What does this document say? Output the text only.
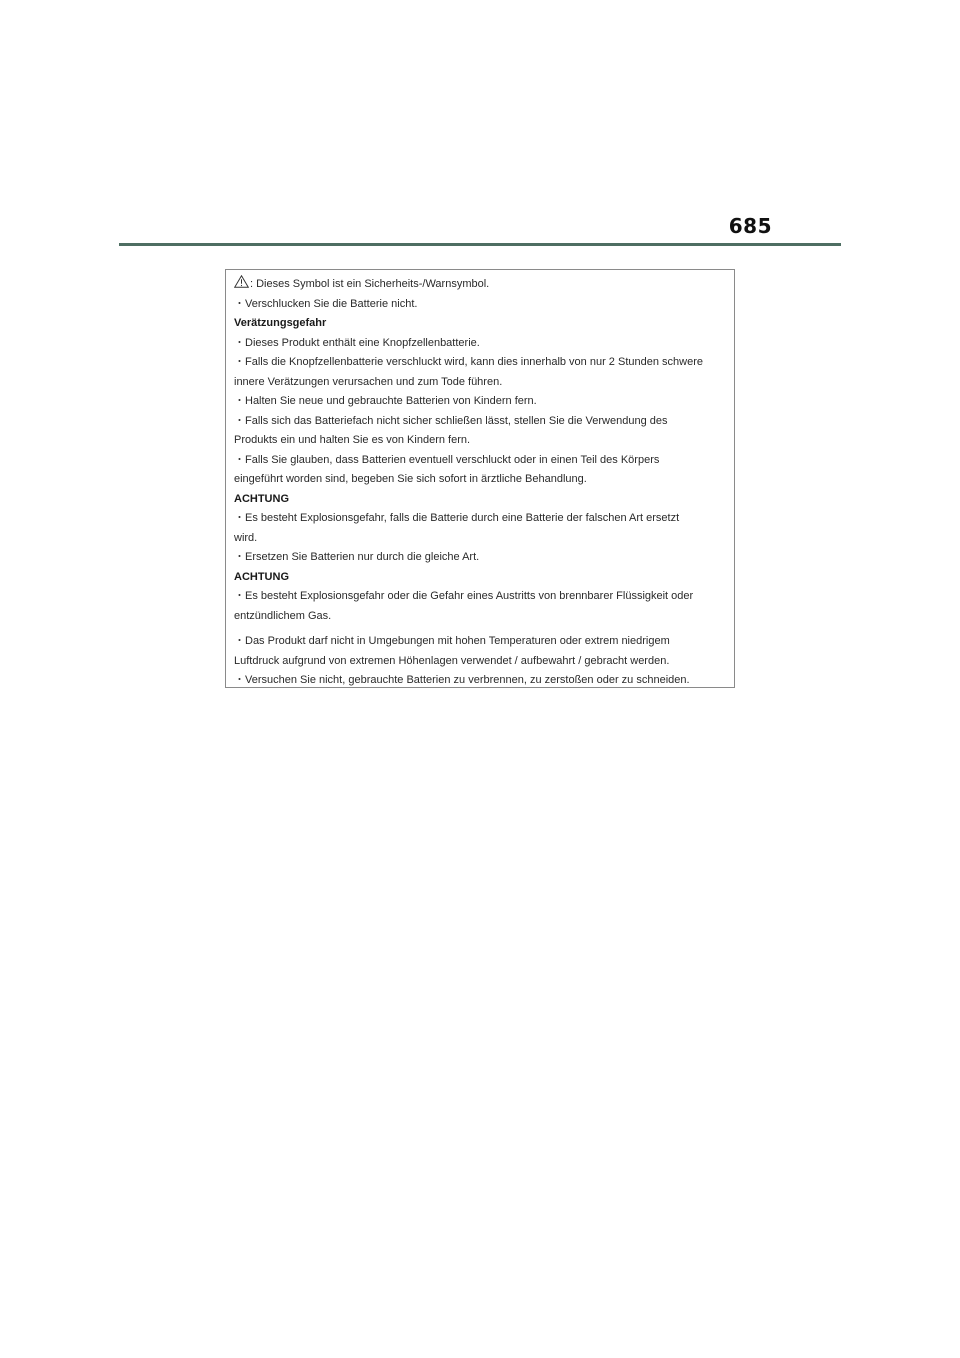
685
: Dieses Symbol ist ein Sicherheits-/Warnsymbol.
・Verschlucken Sie die Batterie nicht.
Verätzungsgefahr
・Dieses Produkt enthält eine Knopfzellenbatterie.
・Falls die Knopfzellenbatterie verschluckt wird, kann dies innerhalb von nur 2 Stunden schwere
innere Verätzungen verursachen und zum Tode führen.
・Halten Sie neue und gebrauchte Batterien von Kindern fern.
・Falls sich das Batteriefach nicht sicher schließen lässt, stellen Sie die Verwendung des
Produkts ein und halten Sie es von Kindern fern.
・Falls Sie glauben, dass Batterien eventuell verschluckt oder in einen Teil des Körpers
eingeführt worden sind, begeben Sie sich sofort in ärztliche Behandlung.
ACHTUNG
・Es besteht Explosionsgefahr, falls die Batterie durch eine Batterie der falschen Art ersetzt
wird.
・Ersetzen Sie Batterien nur durch die gleiche Art.
ACHTUNG
・Es besteht Explosionsgefahr oder die Gefahr eines Austritts von brennbarer Flüssigkeit oder
entzündlichem Gas.
・Das Produkt darf nicht in Umgebungen mit hohen Temperaturen oder extrem niedrigem
Luftdruck aufgrund von extremen Höhenlagen verwendet / aufbewahrt / gebracht werden.
・Versuchen Sie nicht, gebrauchte Batterien zu verbrennen, zu zerstoßen oder zu schneiden.
